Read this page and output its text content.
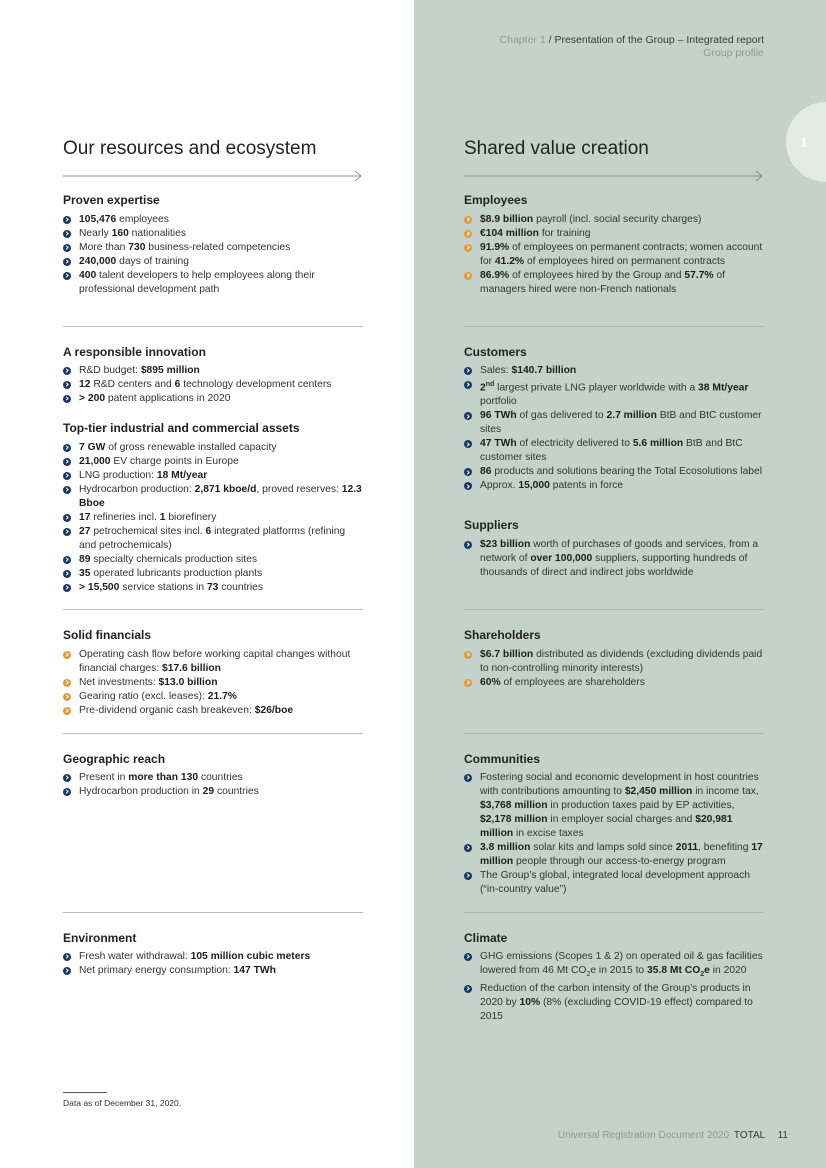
Chapter 1 / Presentation of the Group – Integrated report
Group profile
1
Our resources and ecosystem
Proven expertise
105,476 employees
Nearly 160 nationalities
More than 730 business-related competencies
240,000 days of training
400 talent developers to help employees along their professional development path
A responsible innovation
R&D budget: $895 million
12 R&D centers and 6 technology development centers
> 200 patent applications in 2020
Top-tier industrial and commercial assets
7 GW of gross renewable installed capacity
21,000 EV charge points in Europe
LNG production: 18 Mt/year
Hydrocarbon production: 2,871 kboe/d, proved reserves: 12.3 Bboe
17 refineries incl. 1 biorefinery
27 petrochemical sites incl. 6 integrated platforms (refining and petrochemicals)
89 specialty chemicals production sites
35 operated lubricants production plants
> 15,500 service stations in 73 countries
Solid financials
Operating cash flow before working capital changes without financial charges: $17.6 billion
Net investments: $13.0 billion
Gearing ratio (excl. leases): 21.7%
Pre-dividend organic cash breakeven: $26/boe
Geographic reach
Present in more than 130 countries
Hydrocarbon production in 29 countries
Environment
Fresh water withdrawal: 105 million cubic meters
Net primary energy consumption: 147 TWh
Shared value creation
Employees
$8.9 billion payroll (incl. social security charges)
€104 million for training
91.9% of employees on permanent contracts; women account for 41.2% of employees hired on permanent contracts
86.9% of employees hired by the Group and 57.7% of managers hired were non-French nationals
Customers
Sales: $140.7 billion
2nd largest private LNG player worldwide with a 38 Mt/year portfolio
96 TWh of gas delivered to 2.7 million BtB and BtC customer sites
47 TWh of electricity delivered to 5.6 million BtB and BtC customer sites
86 products and solutions bearing the Total Ecosolutions label
Approx. 15,000 patents in force
Suppliers
$23 billion worth of purchases of goods and services, from a network of over 100,000 suppliers, supporting hundreds of thousands of direct and indirect jobs worldwide
Shareholders
$6.7 billion distributed as dividends (excluding dividends paid to non-controlling minority interests)
60% of employees are shareholders
Communities
Fostering social and economic development in host countries with contributions amounting to $2,450 million in income tax, $3,768 million in production taxes paid by EP activities, $2,178 million in employer social charges and $20,981 million in excise taxes
3.8 million solar kits and lamps sold since 2011, benefiting 17 million people through our access-to-energy program
The Group’s global, integrated local development approach (“in-country value”)
Climate
GHG emissions (Scopes 1 & 2) on operated oil & gas facilities lowered from 46 Mt $CO_2e$ in 2015 to 35.8 Mt $CO_2e$ in 2020
Reduction of the carbon intensity of the Group’s products in 2020 by 10% (8% (excluding COVID-19 effect) compared to 2015
Data as of December 31, 2020.
Universal Registration Document 2020 TOTAL 11
